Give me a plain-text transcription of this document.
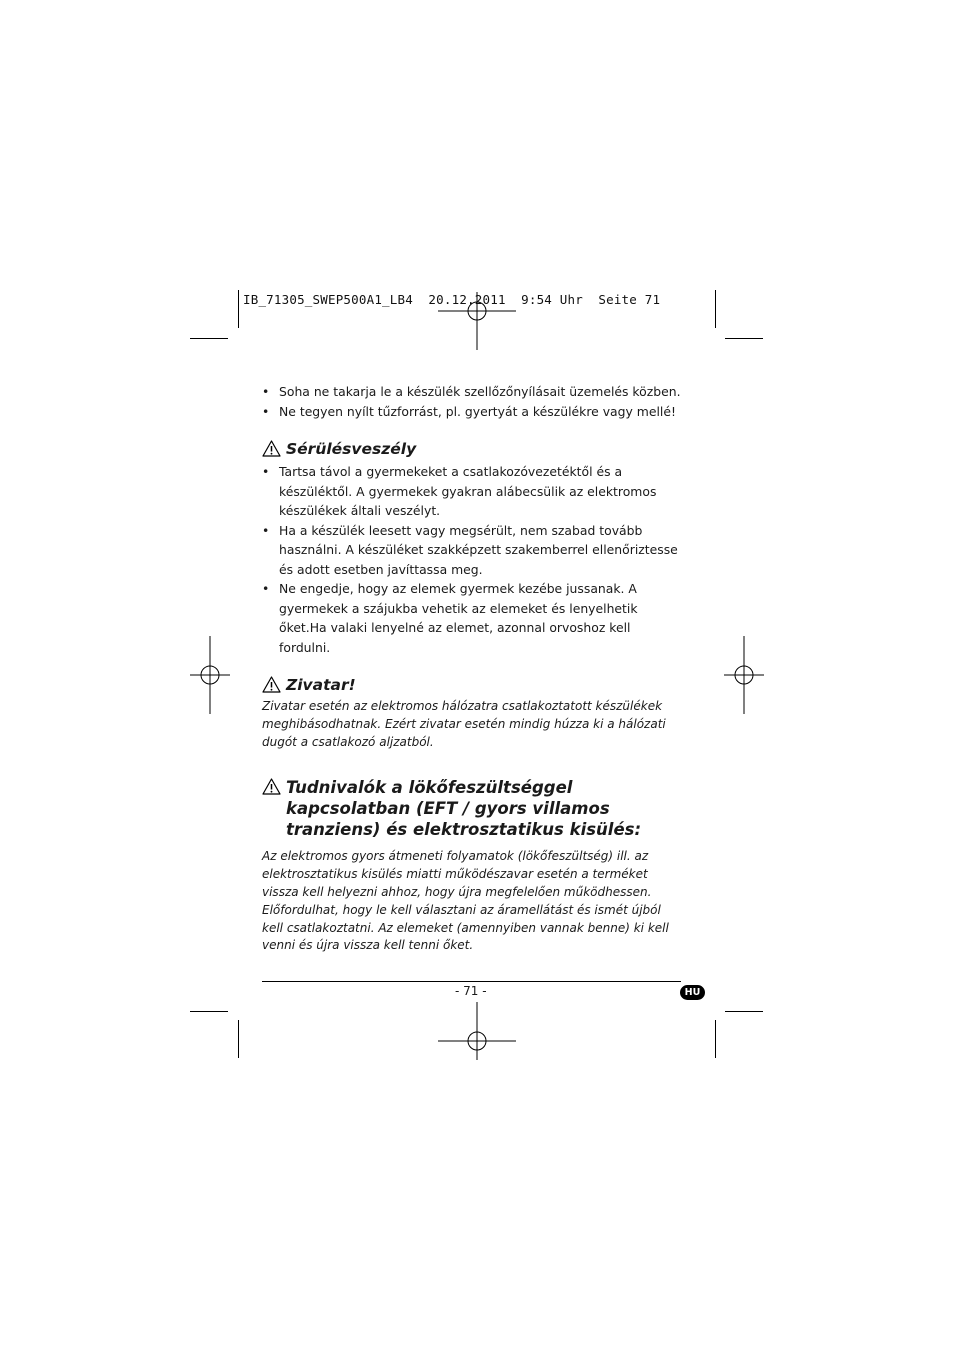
IB_71305_SWEP500A1_LB4  20.12.2011  9:54 Uhr  Seite 71
• Soha ne takarja le a készülék szellőzőnyílásait üzemelés közben.
• Ne tegyen nyílt tűzforrást, pl. gyertyát a készülékre vagy mellé!
Sérülésveszély
• Tartsa távol a gyermekeket a csatlakozóvezetéktől és a készüléktől. A gyermekek gyakran alábecsülik az elektromos készülékek általi veszélyt.
• Ha a készülék leesett vagy megsérült, nem szabad tovább használni. A készüléket szakképzett szakemberrel ellenőriztesse és adott esetben javíttassa meg.
• Ne engedje, hogy az elemek gyermek kezébe jussanak. A gyermekek a szájukba vehetik az elemeket és lenyelhetik őket.Ha valaki lenyelné az elemet, azonnal orvoshoz kell fordulni.
Zivatar!
Zivatar esetén az elektromos hálózatra csatlakoztatott készülékek meghibásodhatnak. Ezért zivatar esetén mindig húzza ki a hálózati dugót a csatlakozó aljzatból.
Tudnivalók a lökőfeszültséggel kapcsolatban (EFT / gyors villamos tranziens) és elektrosztatikus kisülés:
Az elektromos gyors átmeneti folyamatok (lökőfeszültség) ill. az elektrosztatikus kisülés miatti működészavar esetén a terméket vissza kell helyezni ahhoz, hogy újra megfelelően működhessen. Előfordulhat, hogy le kell választani az áramellátást és ismét újból kell csatlakoztatni. Az elemeket (amennyiben vannak benne) ki kell venni és újra vissza kell tenni őket.
- 71 -	HU
